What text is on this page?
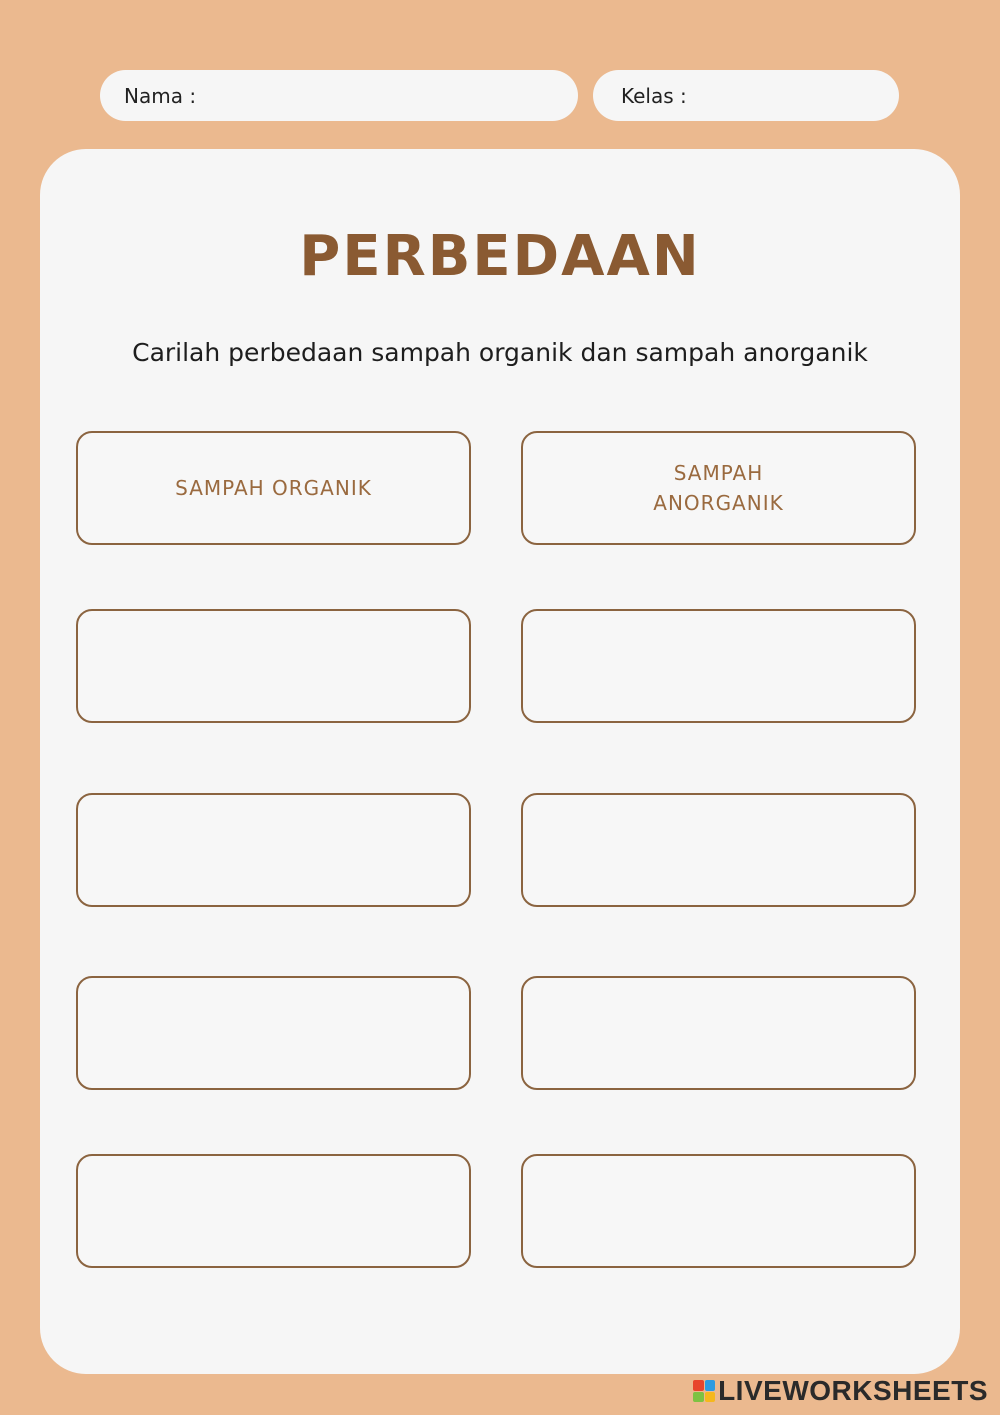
Nama :	Kelas :
PERBEDAAN

Carilah perbedaan sampah organik dan sampah anorganik

SAMPAH ORGANIK
SAMPAH
ANORGANIK
LIVEWORKSHEETS
